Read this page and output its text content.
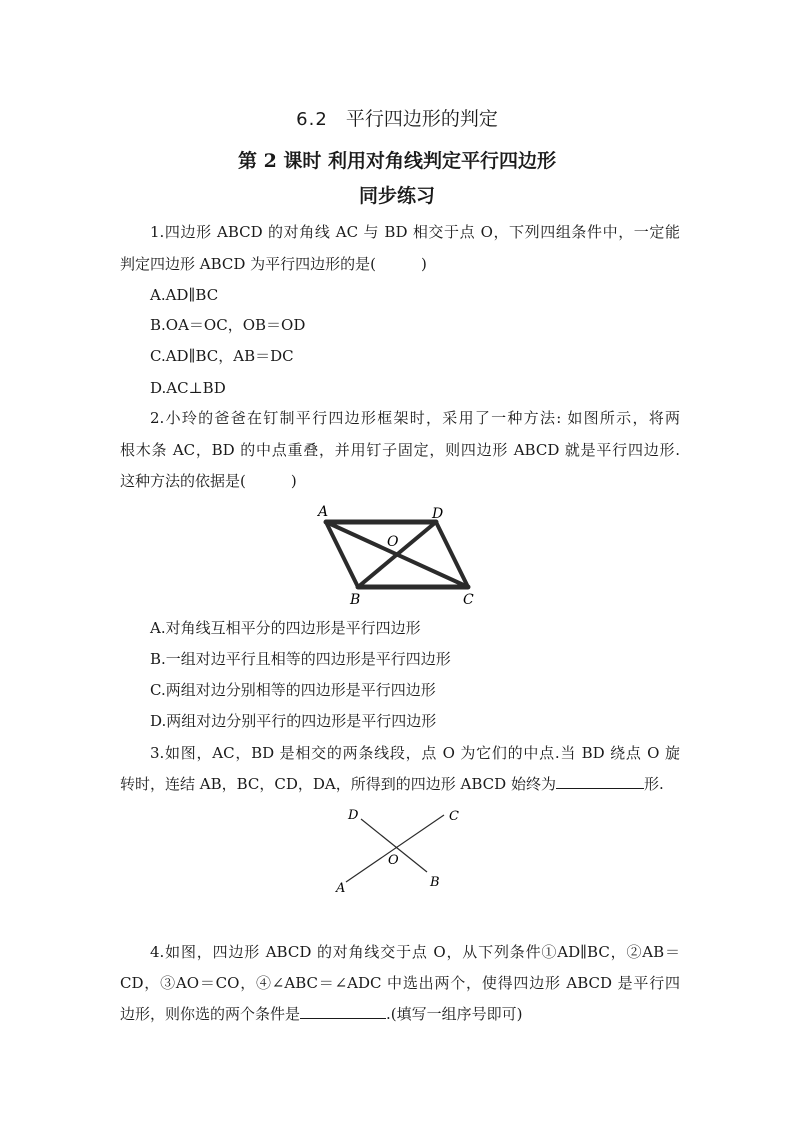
6.2 平行四边形的判定
第 2 课时 利用对角线判定平行四边形
同步练习
1.四边形 ABCD 的对角线 AC 与 BD 相交于点 O，下列四组条件中，一定能
判定四边形 ABCD 为平行四边形的是(　　　)
A.AD∥BC
B.OA＝OC，OB＝OD
C.AD∥BC，AB＝DC
D.AC⊥BD
2.小玲的爸爸在钉制平行四边形框架时，采用了一种方法: 如图所示，将两
根木条 AC，BD 的中点重叠，并用钉子固定，则四边形 ABCD 就是平行四边形.
这种方法的依据是(　　　)
A	D
O
B	C
A.对角线互相平分的四边形是平行四边形
B.一组对边平行且相等的四边形是平行四边形
C.两组对边分别相等的四边形是平行四边形
D.两组对边分别平行的四边形是平行四边形
3.如图，AC，BD 是相交的两条线段，点 O 为它们的中点.当 BD 绕点 O 旋
转时，连结 AB，BC，CD，DA，所得到的四边形 ABCD 始终为	形.
A
C
D
B
O
4.如图，四边形 ABCD 的对角线交于点 O，从下列条件①AD∥BC，②AB＝
CD，③AO＝CO，④∠ABC＝∠ADC 中选出两个，使得四边形 ABCD 是平行四
边形，则你选的两个条件是	.(填写一组序号即可)
